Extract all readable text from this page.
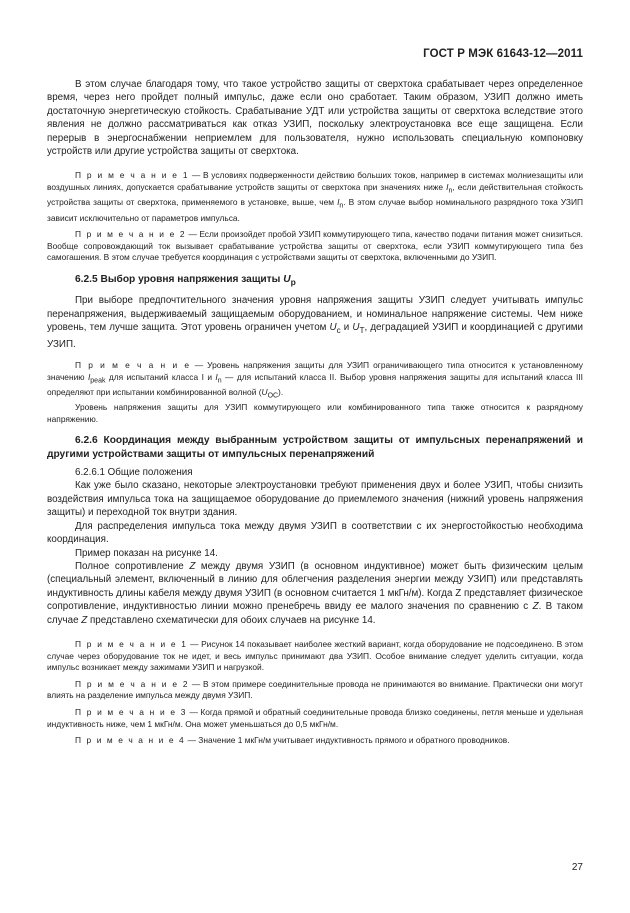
ГОСТ Р МЭК 61643-12—2011

В этом случае благодаря тому, что такое устройство защиты от сверхтока срабатывает через определенное время, через него пройдет полный импульс, даже если оно сработает. Таким образом, УЗИП должно иметь достаточную энергетическую стойкость. Срабатывание УДТ или устройства защиты от сверхтока вследствие этого явления не должно рассматриваться как отказ УЗИП, поскольку электроустановка все еще защищена. Если перерыв в энергоснабжении неприемлем для пользователя, нужно использовать специальную компоновку устройств или другие устройства защиты от сверхтока.

П р и м е ч а н и е 1 — В условиях подверженности действию больших токов, например в системах молниезащиты или воздушных линиях, допускается срабатывание устройств защиты от сверхтока при значениях ниже $I_n$, если действительная стойкость устройства защиты от сверхтока, применяемого в установке, выше, чем $I_n$. В этом случае выбор номинального разрядного тока УЗИП зависит исключительно от параметров импульса.

П р и м е ч а н и е 2 — Если произойдет пробой УЗИП коммутирующего типа, качество подачи питания может снизиться. Вообще сопровождающий ток вызывает срабатывание устройства защиты от сверхтока, если УЗИП коммутирующего типа без самогашения. В этом случае требуется координация с устройствами защиты от сверхтока, включенными до УЗИП.

6.2.5 Выбор уровня напряжения защиты $U_p$

При выборе предпочтительного значения уровня напряжения защиты УЗИП следует учитывать импульс перенапряжения, выдерживаемый защищаемым оборудованием, и номинальное напряжение системы. Чем ниже уровень, тем лучше защита. Этот уровень ограничен учетом $U_c$ и $U_T$, деградацией УЗИП и координацией с другими УЗИП.

П р и м е ч а н и е — Уровень напряжения защиты для УЗИП ограничивающего типа относится к установленному значению $I_{peak}$ для испытаний класса I и $I_n$ — для испытаний класса II. Выбор уровня напряжения защиты для испытаний класса III определяют при испытании комбинированной волной $(U_{OC})$.

Уровень напряжения защиты для УЗИП коммутирующего или комбинированного типа также относится к разрядному напряжению.

6.2.6 Координация между выбранным устройством защиты от импульсных перенапряжений и другими устройствами защиты от импульсных перенапряжений

6.2.6.1 Общие положения

Как уже было сказано, некоторые электроустановки требуют применения двух и более УЗИП, чтобы снизить воздействия импульса тока на защищаемое оборудование до приемлемого значения (нижний уровень напряжения защиты) и переходной ток внутри здания.

Для распределения импульса тока между двумя УЗИП в соответствии с их энергостойкостью необходима координация.

Пример показан на рисунке 14.

Полное сопротивление Z между двумя УЗИП (в основном индуктивное) может быть физическим целым (специальный элемент, включенный в линию для облегчения разделения энергии между УЗИП) или представлять индуктивность длины кабеля между двумя УЗИП (в основном считается 1 мкГн/м). Когда Z представляет физическое сопротивление, индуктивностью линии можно пренебречь ввиду ее малого значения по сравнению с Z. В таком случае Z представлено схематически для обоих случаев на рисунке 14.

П р и м е ч а н и е 1 — Рисунок 14 показывает наиболее жесткий вариант, когда оборудование не подсоединено. В этом случае через оборудование ток не идет, и весь импульс принимают два УЗИП. Особое внимание следует уделить ситуации, когда импульс возникает между зажимами УЗИП и нагрузкой.

П р и м е ч а н и е 2 — В этом примере соединительные провода не принимаются во внимание. Практически они могут влиять на разделение импульса между двумя УЗИП.

П р и м е ч а н и е 3 — Когда прямой и обратный соединительные провода близко соединены, петля меньше и удельная индуктивность ниже, чем 1 мкГн/м. Она может уменьшаться до 0,5 мкГн/м.

П р и м е ч а н и е 4 — Значение 1 мкГн/м учитывает индуктивность прямого и обратного проводников.

27
